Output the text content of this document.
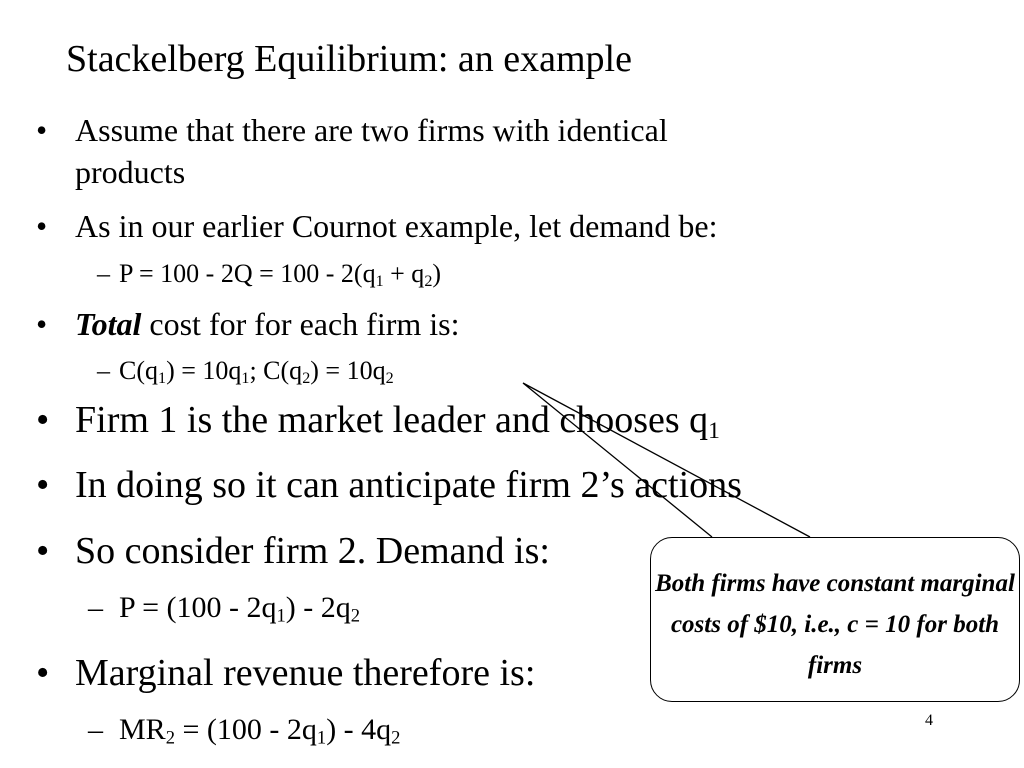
Stackelberg Equilibrium: an example
• Assume that there are two firms with identical
products
• As in our earlier Cournot example, let demand be:
– $P = 100 - 2Q = 100 - 2(q_1 + q_2)$
• Total cost for for each firm is:
– $C(q_1) = 10q_1$; $C(q_2) = 10q_2$
• Firm 1 is the market leader and chooses $q_1$
• In doing so it can anticipate firm 2’s actions
• So consider firm 2. Demand is:
– $P = (100 - 2q_1) - 2q_2$
• Marginal revenue therefore is:
– $MR_2 = (100 - 2q_1) - 4q_2$
Both firms have constant marginal costs of $10, i.e., c = 10 for both firms
4
